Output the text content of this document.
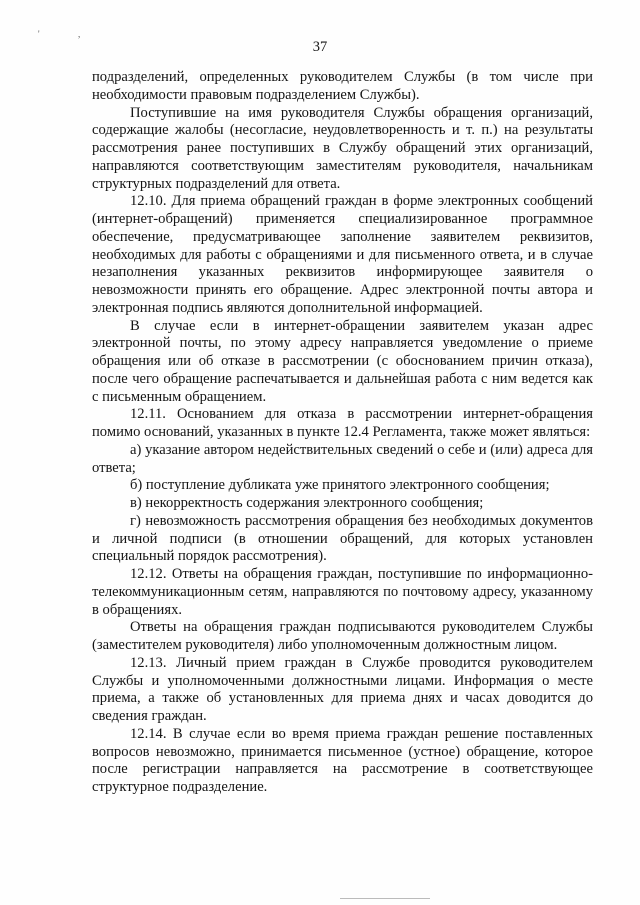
'	,
37

подразделений, определенных руководителем Службы (в том числе при необходимости правовым подразделением Службы).

Поступившие на имя руководителя Службы обращения организаций, содержащие жалобы (несогласие, неудовлетворенность и т. п.) на результаты рассмотрения ранее поступивших в Службу обращений этих организаций, направляются соответствующим заместителям руководителя, начальникам структурных подразделений для ответа.

12.10. Для приема обращений граждан в форме электронных сообщений (интернет-обращений) применяется специализированное программное обеспечение, предусматривающее заполнение заявителем реквизитов, необходимых для работы с обращениями и для письменного ответа, и в случае незаполнения указанных реквизитов информирующее заявителя о невозможности принять его обращение. Адрес электронной почты автора и электронная подпись являются дополнительной информацией.

В случае если в интернет-обращении заявителем указан адрес электронной почты, по этому адресу направляется уведомление о приеме обращения или об отказе в рассмотрении (с обоснованием причин отказа), после чего обращение распечатывается и дальнейшая работа с ним ведется как с письменным обращением.

12.11. Основанием для отказа в рассмотрении интернет-обращения помимо оснований, указанных в пункте 12.4 Регламента, также может являться:

а) указание автором недействительных сведений о себе и (или) адреса для ответа;

б) поступление дубликата уже принятого электронного сообщения;

в) некорректность содержания электронного сообщения;

г) невозможность рассмотрения обращения без необходимых документов и личной подписи (в отношении обращений, для которых установлен специальный порядок рассмотрения).

12.12. Ответы на обращения граждан, поступившие по информационно-телекоммуникационным сетям, направляются по почтовому адресу, указанному в обращениях.

Ответы на обращения граждан подписываются руководителем Службы (заместителем руководителя) либо уполномоченным должностным лицом.

12.13. Личный прием граждан в Службе проводится руководителем Службы и уполномоченными должностными лицами. Информация о месте приема, а также об установленных для приема днях и часах доводится до сведения граждан.

12.14. В случае если во время приема граждан решение поставленных вопросов невозможно, принимается письменное (устное) обращение, которое после регистрации направляется на рассмотрение в соответствующее структурное подразделение.
